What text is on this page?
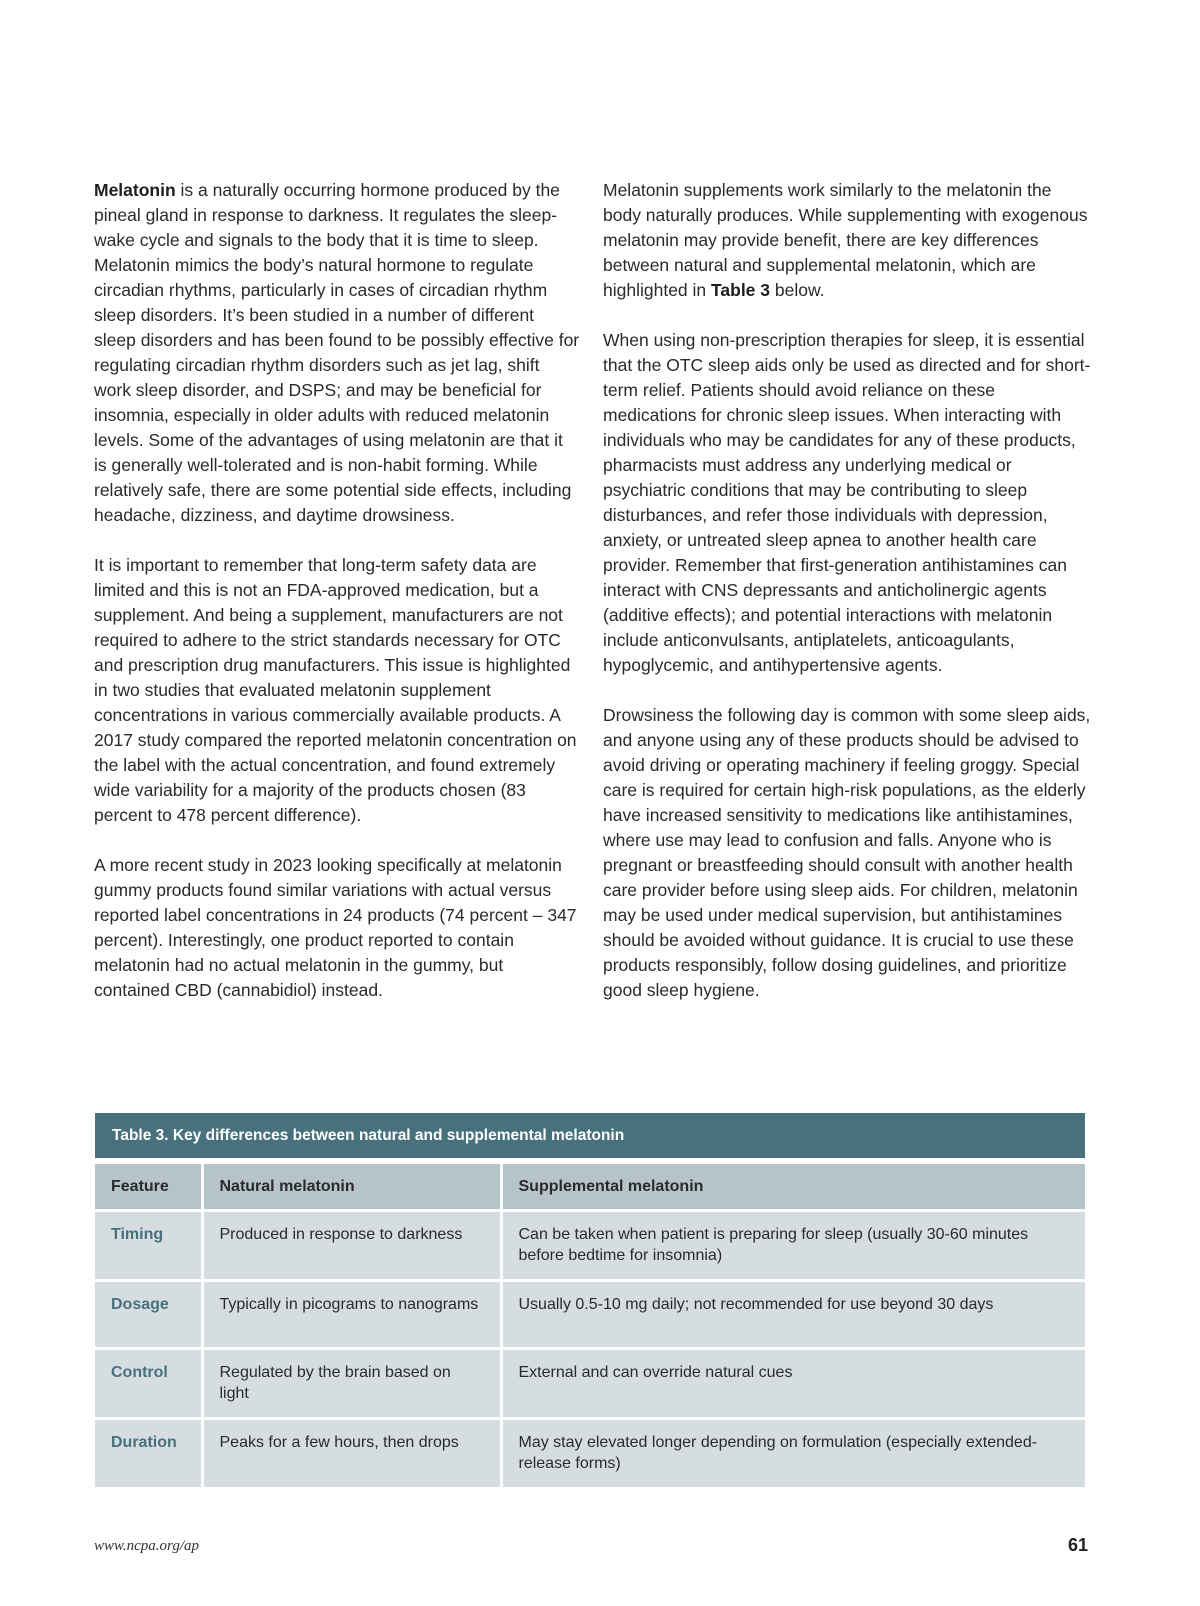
Melatonin is a naturally occurring hormone produced by the pineal gland in response to darkness. It regulates the sleep-wake cycle and signals to the body that it is time to sleep. Melatonin mimics the body’s natural hormone to regulate circadian rhythms, particularly in cases of circadian rhythm sleep disorders. It’s been studied in a number of different sleep disorders and has been found to be possibly effective for regulating circadian rhythm disorders such as jet lag, shift work sleep disorder, and DSPS; and may be beneficial for insomnia, especially in older adults with reduced melatonin levels. Some of the advantages of using melatonin are that it is generally well-tolerated and is non-habit forming. While relatively safe, there are some potential side effects, including headache, dizziness, and daytime drowsiness.

It is important to remember that long-term safety data are limited and this is not an FDA-approved medication, but a supplement. And being a supplement, manufacturers are not required to adhere to the strict standards necessary for OTC and prescription drug manufacturers. This issue is highlighted in two studies that evaluated melatonin supplement concentrations in various commercially available products. A 2017 study compared the reported melatonin concentration on the label with the actual concentration, and found extremely wide variability for a majority of the products chosen (83 percent to 478 percent difference).

A more recent study in 2023 looking specifically at melatonin gummy products found similar variations with actual versus reported label concentrations in 24 products (74 percent – 347 percent). Interestingly, one product reported to contain melatonin had no actual melatonin in the gummy, but contained CBD (cannabidiol) instead.

Melatonin supplements work similarly to the melatonin the body naturally produces. While supplementing with exogenous melatonin may provide benefit, there are key differences between natural and supplemental melatonin, which are highlighted in Table 3 below.

When using non-prescription therapies for sleep, it is essential that the OTC sleep aids only be used as directed and for short-term relief. Patients should avoid reliance on these medications for chronic sleep issues. When interacting with individuals who may be candidates for any of these products, pharmacists must address any underlying medical or psychiatric conditions that may be contributing to sleep disturbances, and refer those individuals with depression, anxiety, or untreated sleep apnea to another health care provider. Remember that first-generation antihistamines can interact with CNS depressants and anticholinergic agents (additive effects); and potential interactions with melatonin include anticonvulsants, antiplatelets, anticoagulants, hypoglycemic, and antihypertensive agents.

Drowsiness the following day is common with some sleep aids, and anyone using any of these products should be advised to avoid driving or operating machinery if feeling groggy. Special care is required for certain high-risk populations, as the elderly have increased sensitivity to medications like antihistamines, where use may lead to confusion and falls. Anyone who is pregnant or breastfeeding should consult with another health care provider before using sleep aids. For children, melatonin may be used under medical supervision, but antihistamines should be avoided without guidance. It is crucial to use these products responsibly, follow dosing guidelines, and prioritize good sleep hygiene.

Table 3. Key differences between natural and supplemental melatonin
Feature	Natural melatonin	Supplemental melatonin
Timing	Produced in response to darkness	Can be taken when patient is preparing for sleep (usually 30-60 minutes before bedtime for insomnia)
Dosage	Typically in picograms to nanograms	Usually 0.5-10 mg daily; not recommended for use beyond 30 days
Control	Regulated by the brain based on light	External and can override natural cues
Duration	Peaks for a few hours, then drops	May stay elevated longer depending on formulation (especially extended-release forms)
www.ncpa.org/ap	61
